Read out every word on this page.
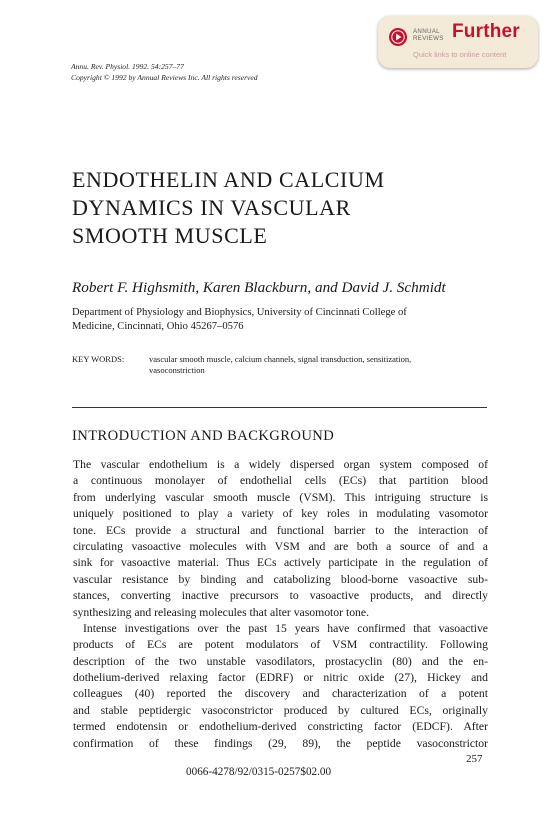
Annu. Rev. Physiol. 1992. 54:257–77
Copyright © 1992 by Annual Reviews Inc. All rights reserved
ANNUAL
REVIEWS Further
Quick links to online content
ENDOTHELIN AND CALCIUM
DYNAMICS IN VASCULAR
SMOOTH MUSCLE
Robert F. Highsmith, Karen Blackburn, and David J. Schmidt
Department of Physiology and Biophysics, University of Cincinnati College of
Medicine, Cincinnati, Ohio 45267–0576
KEY WORDS:	vascular smooth muscle, calcium channels, signal transduction, sensitization,
vasoconstriction
INTRODUCTION AND BACKGROUND
The vascular endothelium is a widely dispersed organ system composed of
a continuous monolayer of endothelial cells (ECs) that partition blood
from underlying vascular smooth muscle (VSM). This intriguing structure is
uniquely positioned to play a variety of key roles in modulating vasomotor
tone. ECs provide a structural and functional barrier to the interaction of
circulating vasoactive molecules with VSM and are both a source of and a
sink for vasoactive material. Thus ECs actively participate in the regulation of
vascular resistance by binding and catabolizing blood-borne vasoactive sub-
stances, converting inactive precursors to vasoactive products, and directly
synthesizing and releasing molecules that alter vasomotor tone.
Intense investigations over the past 15 years have confirmed that vasoactive
products of ECs are potent modulators of VSM contractility. Following
description of the two unstable vasodilators, prostacyclin (80) and the en-
dothelium-derived relaxing factor (EDRF) or nitric oxide (27), Hickey and
colleagues (40) reported the discovery and characterization of a potent
and stable peptidergic vasoconstrictor produced by cultured ECs, originally
termed endotensin or endothelium-derived constricting factor (EDCF). After
confirmation of these findings (29, 89), the peptide vasoconstrictor
257
0066-4278/92/0315-0257$02.00
